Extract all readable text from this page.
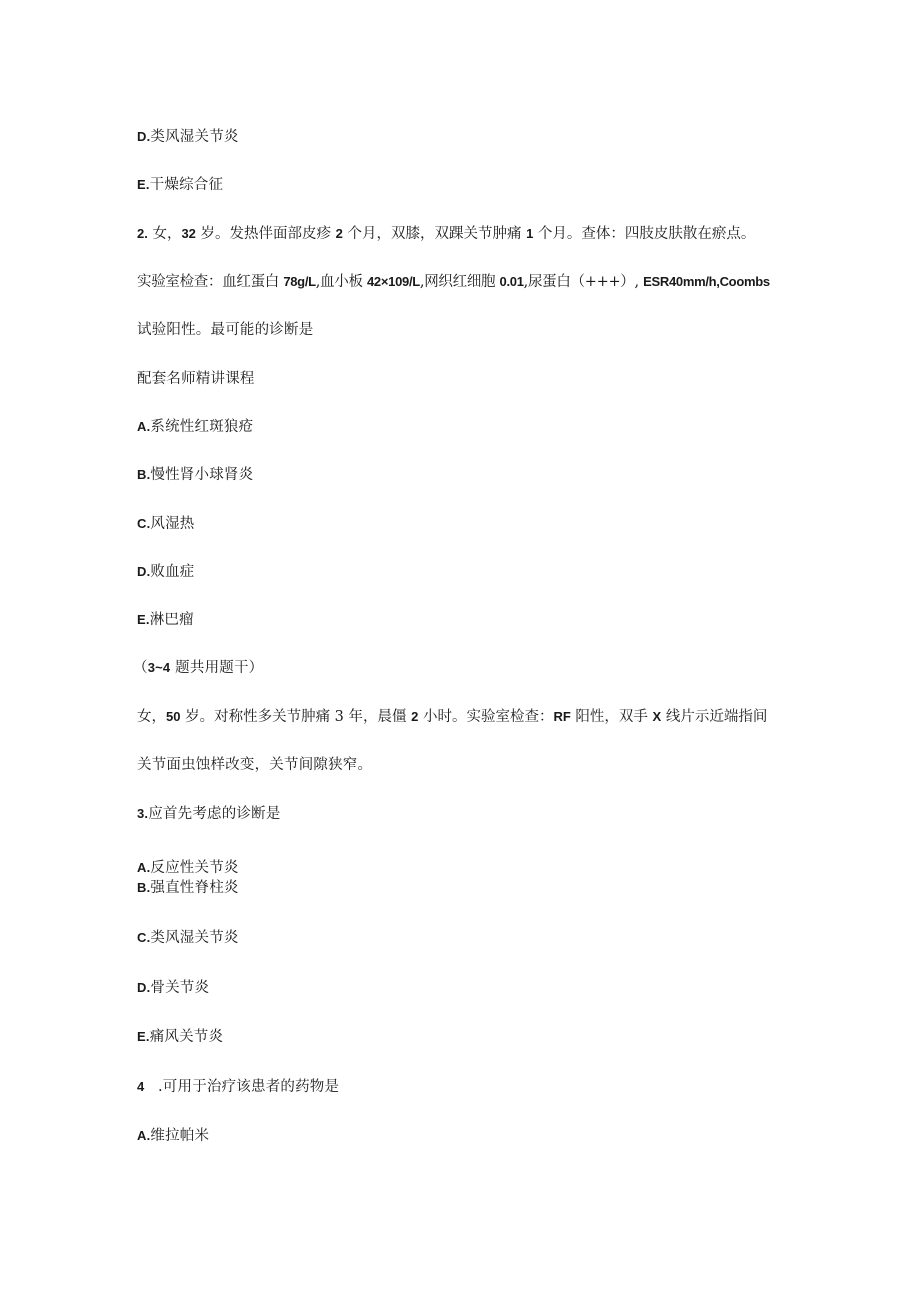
D.类风湿关节炎
E.干燥综合征
2. 女，32 岁。发热伴面部皮疹 2 个月，双膝，双踝关节肿痛 1 个月。查体：四肢皮肤散在瘀点。
实验室检查：血红蛋白 78g/L,血小板 42×109/L,网织红细胞 0.01,尿蛋白（+++）, ESR40mm/h,Coombs
试验阳性。最可能的诊断是
配套名师精讲课程
A.系统性红斑狼疮
B.慢性肾小球肾炎
C.风湿热
D.败血症
E.淋巴瘤
（3~4 题共用题干）
女，50 岁。对称性多关节肿痛 3 年，晨僵 2 小时。实验室检查：RF 阳性，双手 X 线片示近端指间
关节面虫蚀样改变，关节间隙狭窄。
3.应首先考虑的诊断是
A.反应性关节炎
B.强直性脊柱炎
C.类风湿关节炎
D.骨关节炎
E.痛风关节炎
4 .可用于治疗该患者的药物是
A.维拉帕米
